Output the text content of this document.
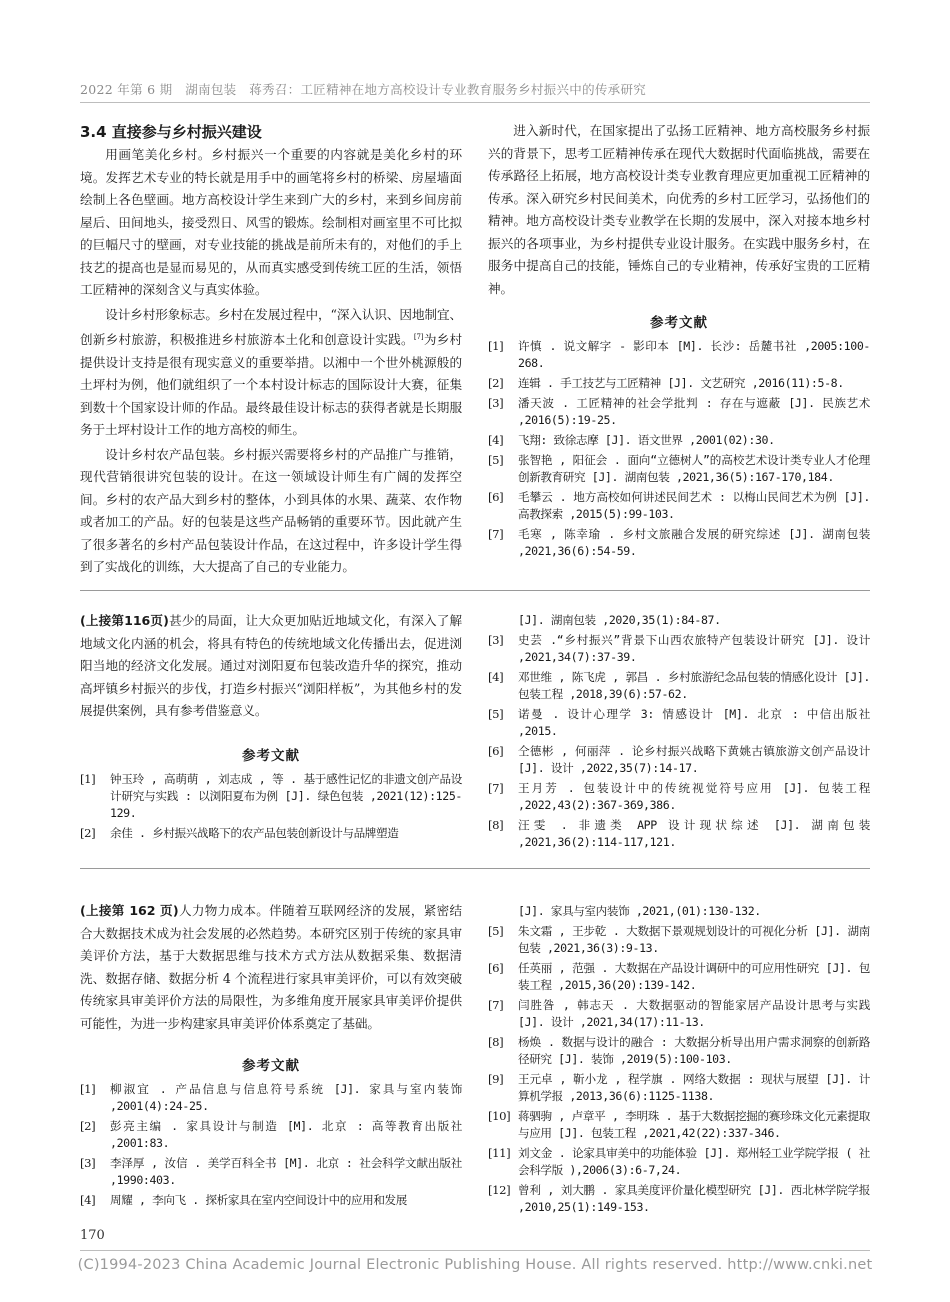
2022 年第 6 期　湖南包装　蒋秀召：工匠精神在地方高校设计专业教育服务乡村振兴中的传承研究
3.4 直接参与乡村振兴建设

用画笔美化乡村。乡村振兴一个重要的内容就是美化乡村的环境。发挥艺术专业的特长就是用手中的画笔将乡村的桥梁、房屋墙面绘制上各色壁画。地方高校设计学生来到广大的乡村，来到乡间房前屋后、田间地头，接受烈日、风雪的锻炼。绘制相对画室里不可比拟的巨幅尺寸的壁画，对专业技能的挑战是前所未有的，对他们的手上技艺的提高也是显而易见的，从而真实感受到传统工匠的生活，领悟工匠精神的深刻含义与真实体验。

设计乡村形象标志。乡村在发展过程中，“深入认识、因地制宜、创新乡村旅游，积极推进乡村旅游本土化和创意设计实践。[7]为乡村提供设计支持是很有现实意义的重要举措。以湘中一个世外桃源般的土坪村为例，他们就组织了一个本村设计标志的国际设计大赛，征集到数十个国家设计师的作品。最终最佳设计标志的获得者就是长期服务于土坪村设计工作的地方高校的师生。

设计乡村农产品包装。乡村振兴需要将乡村的产品推广与推销，现代营销很讲究包装的设计。在这一领域设计师生有广阔的发挥空间。乡村的农产品大到乡村的整体，小到具体的水果、蔬菜、农作物或者加工的产品。好的包装是这些产品畅销的重要环节。因此就产生了很多著名的乡村产品包装设计作品，在这过程中，许多设计学生得到了实战化的训练，大大提高了自己的专业能力。

进入新时代，在国家提出了弘扬工匠精神、地方高校服务乡村振兴的背景下，思考工匠精神传承在现代大数据时代面临挑战，需要在传承路径上拓展，地方高校设计类专业教育理应更加重视工匠精神的传承。深入研究乡村民间美术，向优秀的乡村工匠学习，弘扬他们的精神。地方高校设计类专业教学在长期的发展中，深入对接本地乡村振兴的各项事业，为乡村提供专业设计服务。在实践中服务乡村，在服务中提高自己的技能，锤炼自己的专业精神，传承好宝贵的工匠精神。

参考文献
[1]	许慎 . 说文解字 - 影印本 [M]. 长沙: 岳麓书社 ,2005:100-268.
[2]	连辑 . 手工技艺与工匠精神 [J]. 文艺研究 ,2016(11):5-8.
[3]	潘天波 . 工匠精神的社会学批判 : 存在与遮蔽 [J]. 民族艺术 ,2016(5):19-25.
[4]	飞翔: 致徐志摩 [J]. 语文世界 ,2001(02):30.
[5]	张智艳 , 阳征会 . 面向“立德树人”的高校艺术设计类专业人才伦理创新教育研究 [J]. 湖南包装 ,2021,36(5):167-170,184.
[6]	毛攀云 . 地方高校如何讲述民间艺术 : 以梅山民间艺术为例 [J]. 高教探索 ,2015(5):99-103.
[7]	毛寒 , 陈幸瑜 . 乡村文旅融合发展的研究综述 [J]. 湖南包装 ,2021,36(6):54-59.

(上接第116页)甚少的局面，让大众更加贴近地域文化，有深入了解地域文化内涵的机会，将具有特色的传统地域文化传播出去，促进浏阳当地的经济文化发展。通过对浏阳夏布包装改造升华的探究，推动高坪镇乡村振兴的步伐，打造乡村振兴“浏阳样板”，为其他乡村的发展提供案例，具有参考借鉴意义。

参考文献
[1]	钟玉玲 , 高萌萌 , 刘志成 , 等 . 基于感性记忆的非遗文创产品设计研究与实践 : 以浏阳夏布为例 [J]. 绿色包装 ,2021(12):125-129.
[2]	余佳 . 乡村振兴战略下的农产品包装创新设计与品牌塑造
[J]. 湖南包装 ,2020,35(1):84-87.
[3]	史芸 .“乡村振兴”背景下山西农旅特产包装设计研究 [J]. 设计 ,2021,34(7):37-39.
[4]	邓世维 , 陈飞虎 , 郭昌 . 乡村旅游纪念品包装的情感化设计 [J]. 包装工程 ,2018,39(6):57-62.
[5]	诺曼 . 设计心理学 3: 情感设计 [M]. 北京 : 中信出版社 ,2015.
[6]	仝德彬 , 何丽萍 . 论乡村振兴战略下黄姚古镇旅游文创产品设计 [J]. 设计 ,2022,35(7):14-17.
[7]	王月芳 . 包装设计中的传统视觉符号应用 [J]. 包装工程 ,2022,43(2):367-369,386.
[8]	汪雯 . 非遗类 APP 设计现状综述 [J]. 湖南包装 ,2021,36(2):114-117,121.

(上接第 162 页)人力物力成本。伴随着互联网经济的发展，紧密结合大数据技术成为社会发展的必然趋势。本研究区别于传统的家具审美评价方法，基于大数据思维与技术方式方法从数据采集、数据清洗、数据存储、数据分析 4 个流程进行家具审美评价，可以有效突破传统家具审美评价方法的局限性，为多维角度开展家具审美评价提供可能性，为进一步构建家具审美评价体系奠定了基础。

参考文献
[1]	柳淑宜 . 产品信息与信息符号系统 [J]. 家具与室内装饰 ,2001(4):24-25.
[2]	彭亮主编 . 家具设计与制造 [M]. 北京 : 高等教育出版社 ,2001:83.
[3]	李泽厚 , 汝信 . 美学百科全书 [M]. 北京 : 社会科学文献出版社 ,1990:403.
[4]	周耀 , 李向飞 . 探析家具在室内空间设计中的应用和发展
[J]. 家具与室内装饰 ,2021,(01):130-132.
[5]	朱文霜 , 王步乾 . 大数据下景观规划设计的可视化分析 [J]. 湖南包装 ,2021,36(3):9-13.
[6]	任英丽 , 范强 . 大数据在产品设计调研中的可应用性研究 [J]. 包装工程 ,2015,36(20):139-142.
[7]	闫胜昝 , 韩志天 . 大数据驱动的智能家居产品设计思考与实践 [J]. 设计 ,2021,34(17):11-13.
[8]	杨焕 . 数据与设计的融合 : 大数据分析导出用户需求洞察的创新路径研究 [J]. 装饰 ,2019(5):100-103.
[9]	王元卓 , 靳小龙 , 程学旗 . 网络大数据 : 现状与展望 [J]. 计算机学报 ,2013,36(6):1125-1138.
[10] 蒋驷驹 , 卢章平 , 李明珠 . 基于大数据挖掘的赛珍珠文化元素提取与应用 [J]. 包装工程 ,2021,42(22):337-346.
[11] 刘文金 . 论家具审美中的功能体验 [J]. 郑州轻工业学院学报 ( 社会科学版 ),2006(3):6-7,24.
[12] 曾利 , 刘大鹏 . 家具美度评价量化模型研究 [J]. 西北林学院学报 ,2010,25(1):149-153.
170
(C)1994-2023 China Academic Journal Electronic Publishing House. All rights reserved. http://www.cnki.net
